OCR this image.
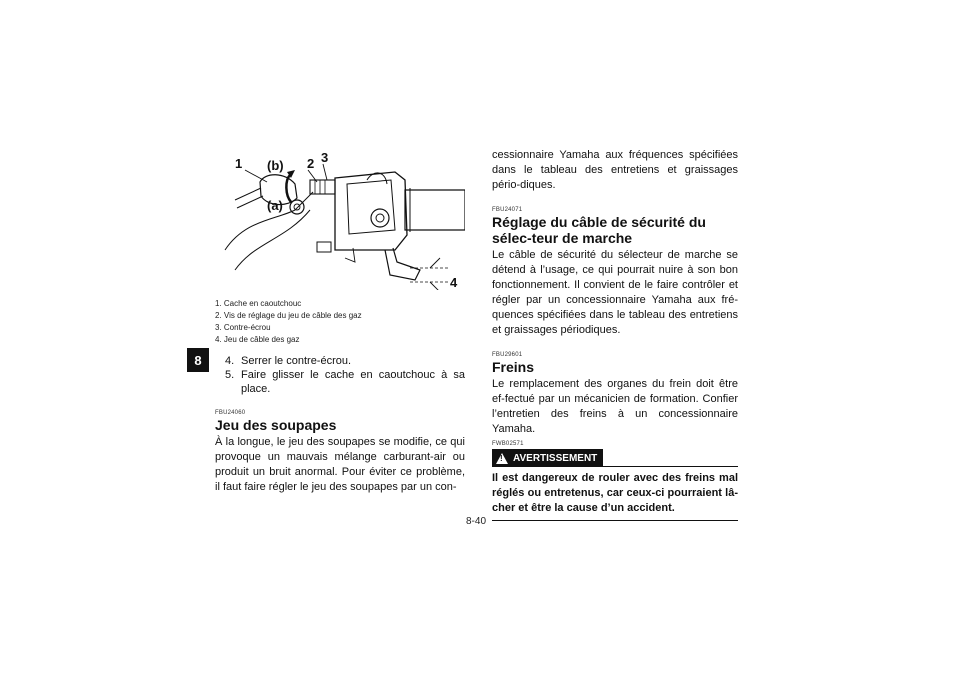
8
1 (b) 2 3
(a)
4
1. Cache en caoutchouc
2. Vis de réglage du jeu de câble des gaz
3. Contre-écrou
4. Jeu de câble des gaz
4. Serrer le contre-écrou.
5. Faire glisser le cache en caoutchouc à sa place.
FBU24060
Jeu des soupapes

À la longue, le jeu des soupapes se modifie, ce qui provoque un mauvais mélange carburant-air ou produit un bruit anormal. Pour éviter ce problème, il faut faire régler le jeu des soupapes par un con-

cessionnaire Yamaha aux fréquences spécifiées dans le tableau des entretiens et graissages pério-diques.

FBU24071
Réglage du câble de sécurité du sélec-teur de marche

Le câble de sécurité du sélecteur de marche se détend à l’usage, ce qui pourrait nuire à son bon fonctionnement. Il convient de le faire contrôler et régler par un concessionnaire Yamaha aux fré-quences spécifiées dans le tableau des entretiens et graissages périodiques.

FBU29601
Freins

Le remplacement des organes du frein doit être ef-fectué par un mécanicien de formation. Confier l’entretien des freins à un concessionnaire Yamaha.

FWB02571
!
AVERTISSEMENT

Il est dangereux de rouler avec des freins mal réglés ou entretenus, car ceux-ci pourraient lâ-cher et être la cause d’un accident.

8-40
